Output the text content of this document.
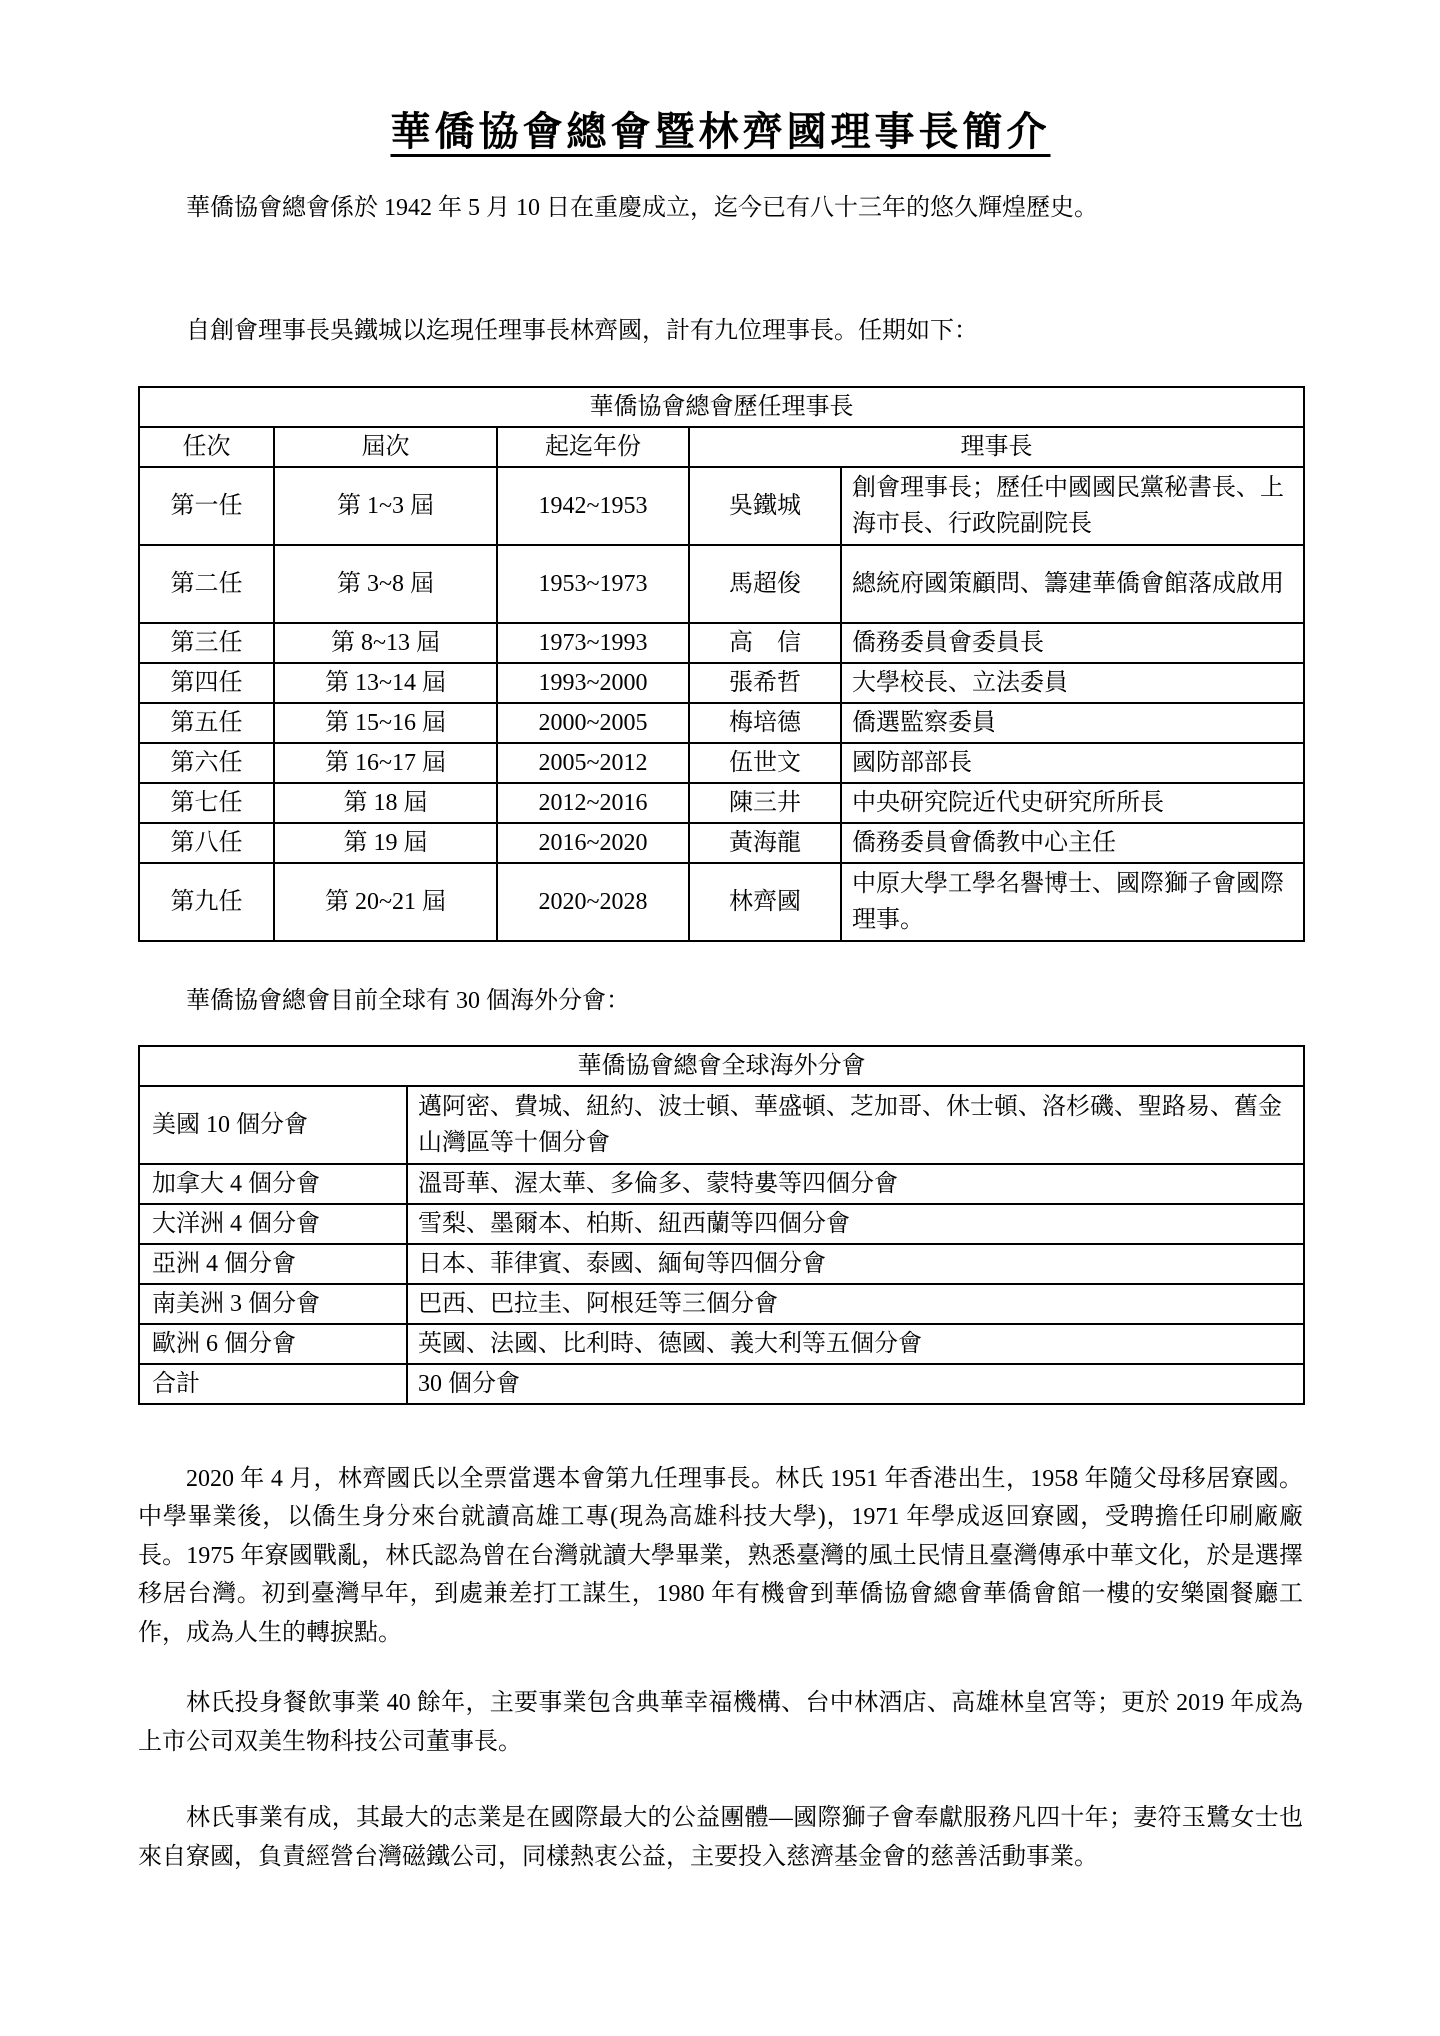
華僑協會總會暨林齊國理事長簡介

華僑協會總會係於 1942 年 5 月 10 日在重慶成立，迄今已有八十三年的悠久輝煌歷史。

自創會理事長吳鐵城以迄現任理事長林齊國，計有九位理事長。任期如下：

華僑協會總會歷任理事長				
任次	屆次	起迄年份	理事長	
第一任	第 1~3 屆	1942~1953	吳鐵城	創會理事長；歷任中國國民黨秘書長、上海市長、行政院副院長
第二任	第 3~8 屆	1953~1973	馬超俊	總統府國策顧問、籌建華僑會館落成啟用
第三任	第 8~13 屆	1973~1993	高　信	僑務委員會委員長
第四任	第 13~14 屆	1993~2000	張希哲	大學校長、立法委員
第五任	第 15~16 屆	2000~2005	梅培德	僑選監察委員
第六任	第 16~17 屆	2005~2012	伍世文	國防部部長
第七任	第 18 屆	2012~2016	陳三井	中央研究院近代史研究所所長
第八任	第 19 屆	2016~2020	黃海龍	僑務委員會僑教中心主任
第九任	第 20~21 屆	2020~2028	林齊國	中原大學工學名譽博士、國際獅子會國際理事。

華僑協會總會目前全球有 30 個海外分會：

華僑協會總會全球海外分會	
美國 10 個分會	邁阿密、費城、紐約、波士頓、華盛頓、芝加哥、休士頓、洛杉磯、聖路易、舊金山灣區等十個分會
加拿大 4 個分會	溫哥華、渥太華、多倫多、蒙特婁等四個分會
大洋洲 4 個分會	雪梨、墨爾本、柏斯、紐西蘭等四個分會
亞洲 4 個分會	日本、菲律賓、泰國、緬甸等四個分會
南美洲 3 個分會	巴西、巴拉圭、阿根廷等三個分會
歐洲 6 個分會	英國、法國、比利時、德國、義大利等五個分會
合計	30 個分會

2020 年 4 月，林齊國氏以全票當選本會第九任理事長。林氏 1951 年香港出生，1958 年隨父母移居寮國。中學畢業後，以僑生身分來台就讀高雄工專(現為高雄科技大學)，1971 年學成返回寮國，受聘擔任印刷廠廠長。1975 年寮國戰亂，林氏認為曾在台灣就讀大學畢業，熟悉臺灣的風土民情且臺灣傳承中華文化，於是選擇移居台灣。初到臺灣早年，到處兼差打工謀生，1980 年有機會到華僑協會總會華僑會館一樓的安樂園餐廳工作，成為人生的轉捩點。

林氏投身餐飲事業 40 餘年，主要事業包含典華幸福機構、台中林酒店、高雄林皇宮等；更於 2019 年成為上市公司双美生物科技公司董事長。

林氏事業有成，其最大的志業是在國際最大的公益團體—國際獅子會奉獻服務凡四十年；妻符玉鷺女士也來自寮國，負責經營台灣磁鐵公司，同樣熱衷公益，主要投入慈濟基金會的慈善活動事業。
